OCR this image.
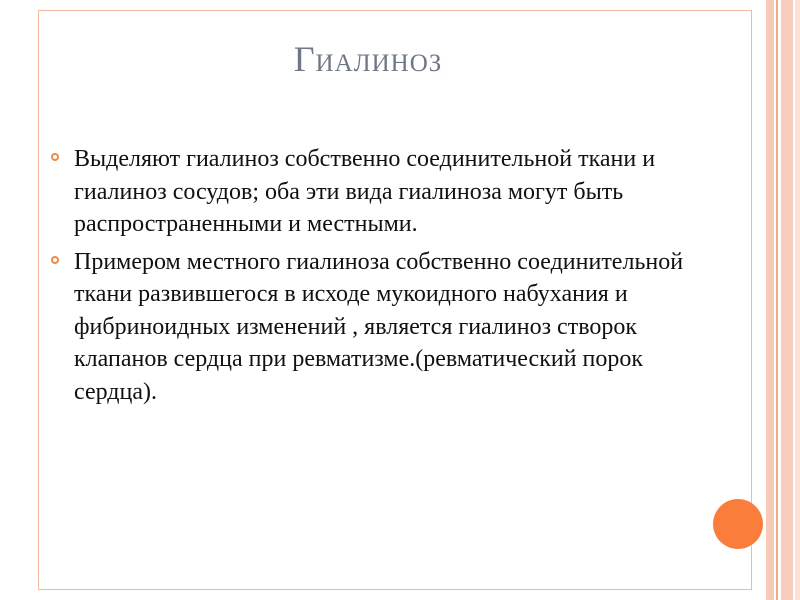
Гиалиноз
Выделяют гиалиноз собственно соединительной ткани и гиалиноз сосудов; оба эти вида гиалиноза могут быть распространенными и местными.
Примером местного гиалиноза собственно соединительной ткани развившегося в исходе мукоидного набухания и фибриноидных изменений , является гиалиноз створок клапанов сердца при ревматизме.(ревматический порок сердца).
